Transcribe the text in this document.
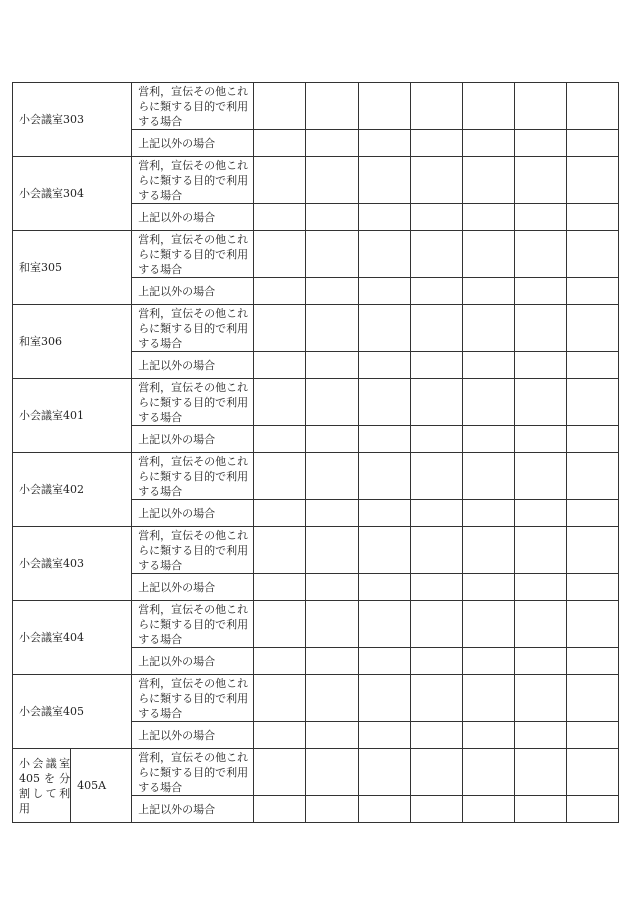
小会議室303		営利，宣伝その他これらに類する目的で利用する場合							
		上記以外の場合							
小会議室304		営利，宣伝その他これらに類する目的で利用する場合							
		上記以外の場合							
和室305		営利，宣伝その他これらに類する目的で利用する場合							
		上記以外の場合							
和室306		営利，宣伝その他これらに類する目的で利用する場合							
		上記以外の場合							
小会議室401		営利，宣伝その他これらに類する目的で利用する場合							
		上記以外の場合							
小会議室402		営利，宣伝その他これらに類する目的で利用する場合							
		上記以外の場合							
小会議室403		営利，宣伝その他これらに類する目的で利用する場合							
		上記以外の場合							
小会議室404		営利，宣伝その他これらに類する目的で利用する場合							
		上記以外の場合							
小会議室405		営利，宣伝その他これらに類する目的で利用する場合							
		上記以外の場合							
小会議室405を分割して利用	405A	営利，宣伝その他これらに類する目的で利用する場合							
		上記以外の場合							
